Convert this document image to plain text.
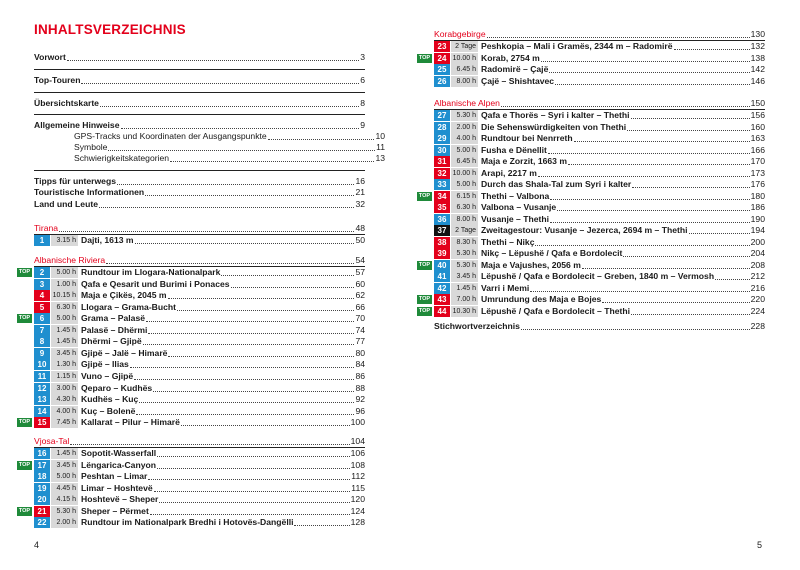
INHALTSVERZEICHNIS
4
Vorwort	3
Top-Touren	6
Übersichtskarte	8
Allgemeine Hinweise	9
GPS-Tracks und Koordinaten der Ausgangspunkte	10
Symbole	11
Schwierigkeitskategorien	13
Tipps für unterwegs	16
Touristische Informationen	21
Land und Leute	32
Tirana	48
1	3.15 h Dajti, 1613 m	50
Albanische Riviera	54
TOP	2	5.00 h Rundtour im Llogara-Nationalpark	57
3	1.00 h Qafa e Qesarit und Burimi i Ponaces	60
4	10.15 h Maja e Çikës, 2045 m	62
5	6.30 h Llogara – Grama-Bucht	66
TOP	6	5.00 h Grama – Palasë	70
7	1.45 h Palasë – Dhërmi	74
8	1.45 h Dhërmi – Gjipë	77
9	3.45 h Gjipë – Jalë – Himarë	80
10	1.30 h Gjipë – Ilias	84
11	1.15 h Vuno – Gjipë	86
12	3.00 h Qeparo – Kudhës	88
13	4.30 h Kudhës – Kuç	92
14	4.00 h Kuç – Bolenë	96
TOP 15	7.45 h Kallarat – Pilur – Himarë	100
Vjosa-Tal	104
16	1.45 h Sopotit-Wasserfall	106
TOP 17	3.45 h Lëngarica-Canyon	108
18	5.00 h Peshtan – Limar	112
19	4.45 h Limar – Hoshtevë	115
20	4.15 h Hoshtevë – Sheper	120
TOP 21	5.30 h Sheper – Përmet	124
22	2.00 h Rundtour im Nationalpark Bredhi i Hotovës-Dangëlli	128
5
Korabgebirge	130
23	2 Tage Peshkopia – Mali i Gramës, 2344 m – Radomirë	132
TOP 24 10.00 h Korab, 2754 m	138
25	6.45 h Radomirë – Çajë	142
26	8.00 h Çajë – Shishtavec	146
Albanische Alpen	150
27	5.30 h Qafa e Thorës – Syri i kalter – Thethi	156
28	2.00 h Die Sehenswürdigkeiten von Thethi	160
29	4.00 h Rundtour bei Nenrreth	163
30	5.00 h Fusha e Dënellit	166
31	6.45 h Maja e Zorzit, 1663 m	170
32 10.00 h Arapi, 2217 m	173
33	5.00 h Durch das Shala-Tal zum Syri i kalter	176
TOP 34	6.15 h Thethi – Valbona	180
35	6.30 h Valbona – Vusanje	186
36	8.00 h Vusanje – Thethi	190
37	2 Tage Zweitagestour: Vusanje – Jezerca, 2694 m – Thethi	194
38	8.30 h Thethi – Nikç	200
39	5.30 h Nikç – Lëpushë / Qafa e Bordolecit	204
TOP 40	5.30 h Maja e Vajushes, 2056 m	208
41	3.45 h Lëpushë / Qafa e Bordolecit – Greben, 1840 m – Vermosh	212
42	1.45 h Varri i Memi	216
TOP 43	7.00 h Umrundung des Maja e Bojes	220
TOP 44 10.30 h Lëpushë / Qafa e Bordolecit – Thethi	224
Stichwortverzeichnis	228
